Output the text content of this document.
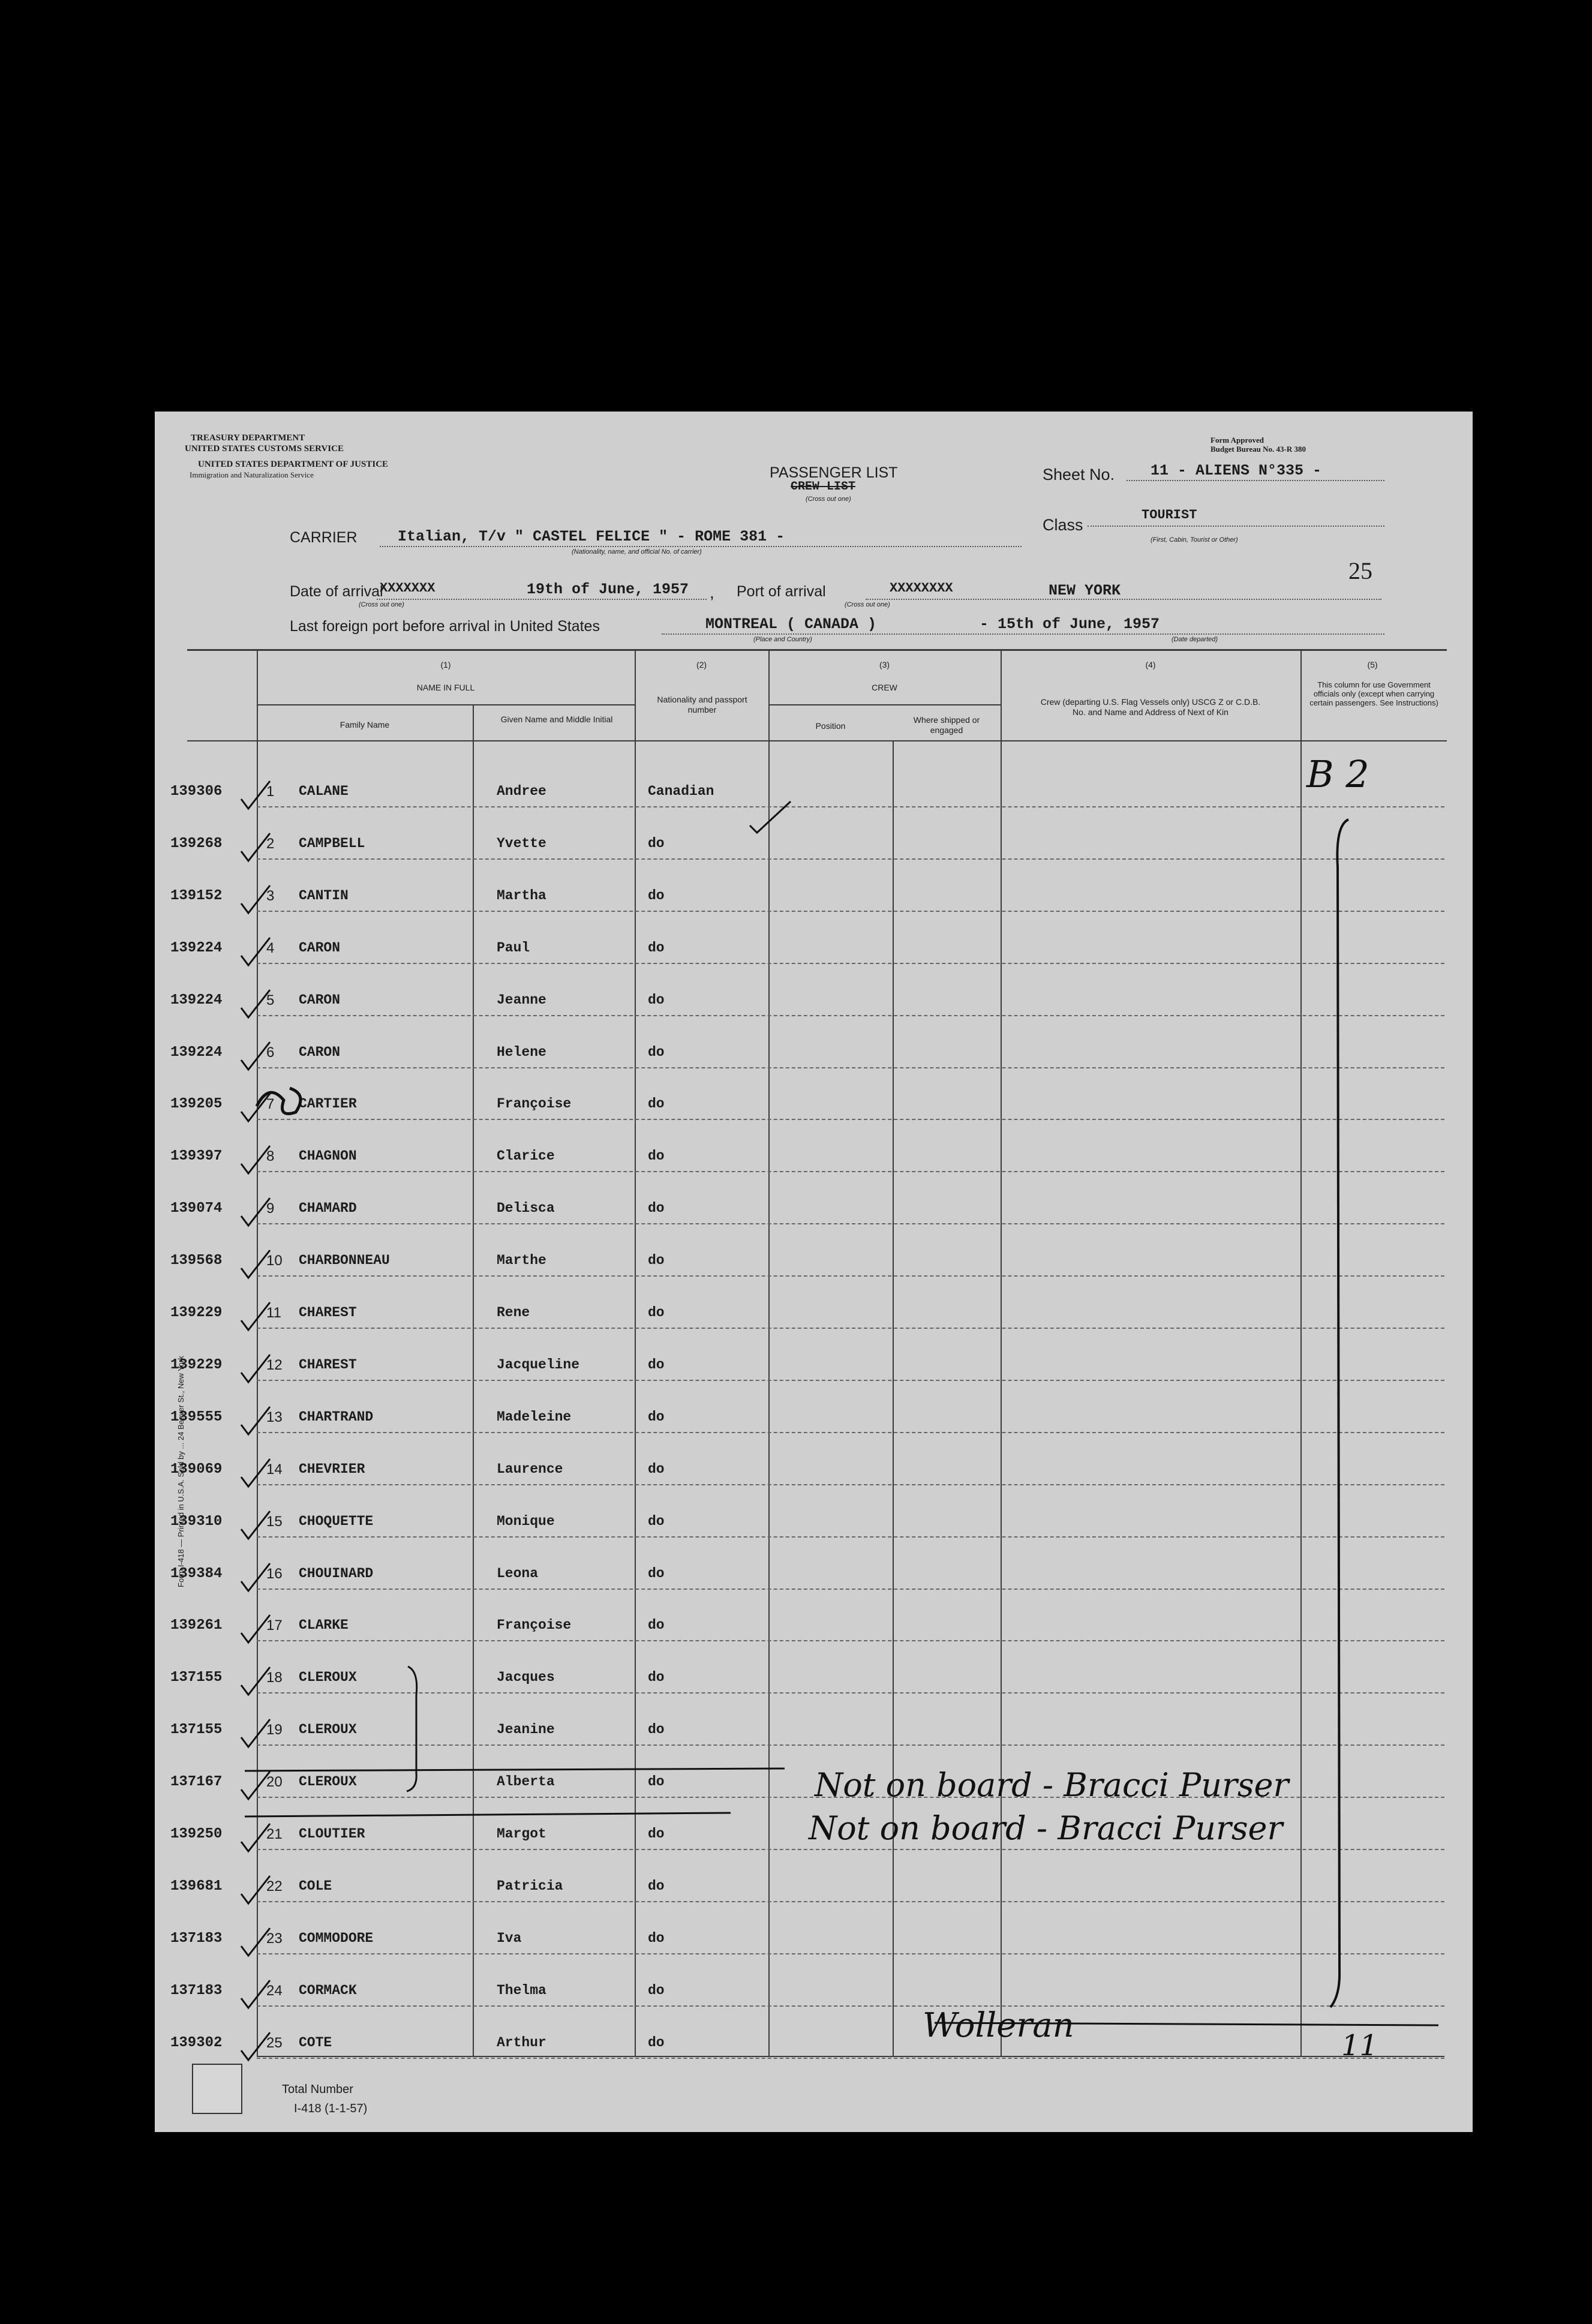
TREASURY DEPARTMENT
UNITED STATES CUSTOMS SERVICE
UNITED STATES DEPARTMENT OF JUSTICE
Immigration and Naturalization Service
Form Approved
Budget Bureau No. 43-R 380
PASSENGER LIST
CREW LIST
(Cross out one)
Sheet No. 11 - ALIENS N°335 -
Class
TOURIST
(First, Cabin, Tourist or Other)
CARRIER	Italian, T/v " CASTEL FELICE " - ROME 381 -
(Nationality, name, and official No. of carrier)
25
Date of arrival
XXXXXXX	19th of June, 1957
(Cross out one)
, Port of arrival	XXXXXXXX	NEW YORK
(Cross out one)
Last foreign port before arrival in United States	MONTREAL ( CANADA )	- 15th of June, 1957
(Place and Country)	(Date departed)
(1)
NAME IN FULL
Family Name
Given Name and Middle Initial
(2)
Nationality and passport number
(3)
CREW
Position
Where shipped or engaged
(4)
Crew (departing U.S. Flag Vessels only) USCG Z or C.D.B. No. and Name and Address of Next of Kin
(5)
This column for use Government officials only (except when carrying certain passengers. See Instructions)
139306	1 CALANE	Andree	Canadian
139268	2 CAMPBELL	Yvette	do
139152	3 CANTIN	Martha	do
139224	4 CARON	Paul	do
139224	5 CARON	Jeanne	do
139224	6 CARON	Helene	do
139205	7 CARTIER	Françoise	do
139397	8 CHAGNON	Clarice	do
139074	9 CHAMARD	Delisca	do
139568	10 CHARBONNEAU	Marthe	do
139229	11 CHAREST	Rene	do
139229	12 CHAREST	Jacqueline	do
139555	13 CHARTRAND	Madeleine	do
139069	14 CHEVRIER	Laurence	do
139310	15 CHOQUETTE	Monique	do
139384	16 CHOUINARD	Leona	do
139261	17 CLARKE	Françoise	do
137155	18 CLEROUX	Jacques	do
137155	19 CLEROUX	Jeanine	do
137167	20 CLEROUX	Alberta	do
139250	21 CLOUTIER	Margot	do
139681	22 COLE	Patricia	do
137183	23 COMMODORE	Iva	do
137183	24 CORMACK	Thelma	do
139302	25 COTE	Arthur	do
Total Number
I-418 (1-1-57)
Form I-418 — Printed in U.S.A. Sold by ... 24 Beaver St., New York
B 2
Not on board - Bracci Purser
Not on board - Bracci Purser
Wolleran
11
